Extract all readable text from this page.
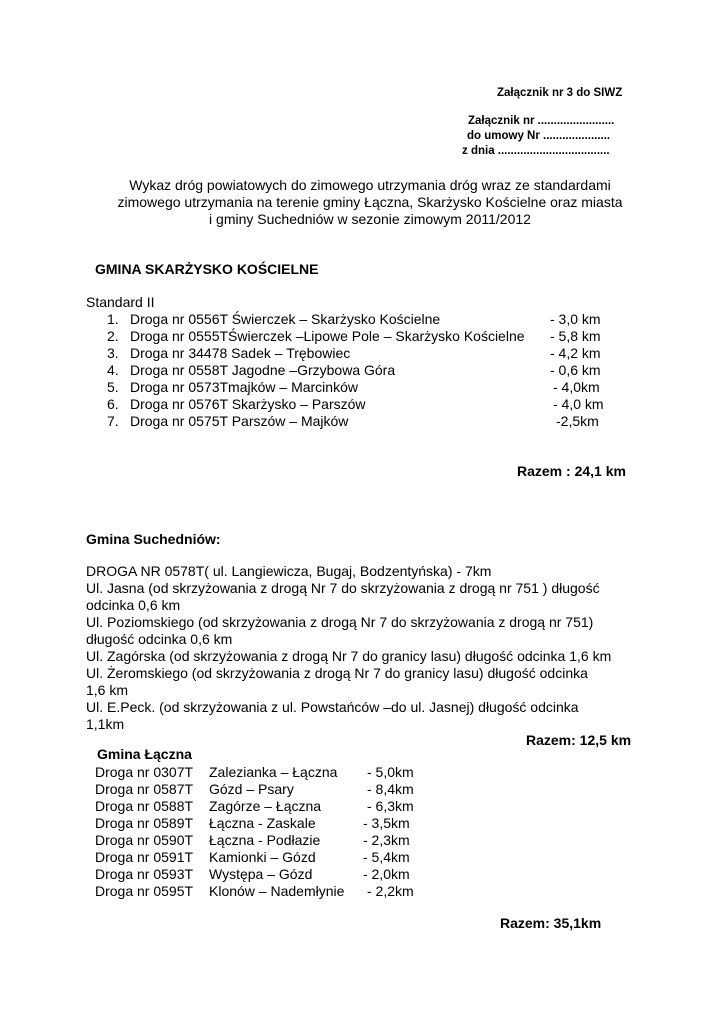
Załącznik nr 3 do SIWZ
Załącznik nr ........................
do umowy Nr .....................
z dnia ...................................
Wykaz dróg powiatowych do zimowego utrzymania dróg wraz ze standardami
zimowego utrzymania na terenie gminy Łączna, Skarżysko Kościelne oraz miasta
i gminy Suchedniów w sezonie zimowym 2011/2012
GMINA SKARŻYSKO KOŚCIELNE
Standard II
1. Droga nr 0556T Świerczek – Skarżysko Kościelne	- 3,0 km
2. Droga nr 0555TŚwierczek –Lipowe Pole – Skarżysko Kościelne - 5,8 km
3. Droga nr 34478 Sadek – Trębowiec	- 4,2 km
4. Droga nr 0558T Jagodne –Grzybowa Góra	- 0,6 km
5. Droga nr 0573Tmajków – Marcinków	- 4,0km
6. Droga nr 0576T Skarżysko – Parszów	- 4,0 km
7. Droga nr 0575T Parszów – Majków	-2,5km
Razem : 24,1 km
Gmina Suchedniów:
DROGA NR 0578T( ul. Langiewicza, Bugaj, Bodzentyńska) - 7km
Ul. Jasna (od skrzyżowania z drogą Nr 7 do skrzyżowania z drogą nr 751 ) długość
odcinka 0,6 km
Ul. Poziomskiego (od skrzyżowania z drogą Nr 7 do skrzyżowania z drogą nr 751)
długość odcinka 0,6 km
Ul. Zagórska (od skrzyżowania z drogą Nr 7 do granicy lasu) długość odcinka 1,6 km
Ul. Żeromskiego (od skrzyżowania z drogą Nr 7 do granicy lasu) długość odcinka
1,6 km
Ul. E.Peck. (od skrzyżowania z ul. Powstańców –do ul. Jasnej) długość odcinka
1,1km
Razem: 12,5 km
Gmina Łączna
Droga nr 0307T Zalezianka – Łączna - 5,0km
Droga nr 0587T Gózd – Psary	- 8,4km
Droga nr 0588T Zagórze – Łączna	- 6,3km
Droga nr 0589T Łączna - Zaskale	- 3,5km
Droga nr 0590T Łączna - Podłazie	- 2,3km
Droga nr 0591T Kamionki – Gózd	- 5,4km
Droga nr 0593T Występa – Gózd	- 2,0km
Droga nr 0595T Klonów – Nademłynie - 2,2km
Razem: 35,1km
